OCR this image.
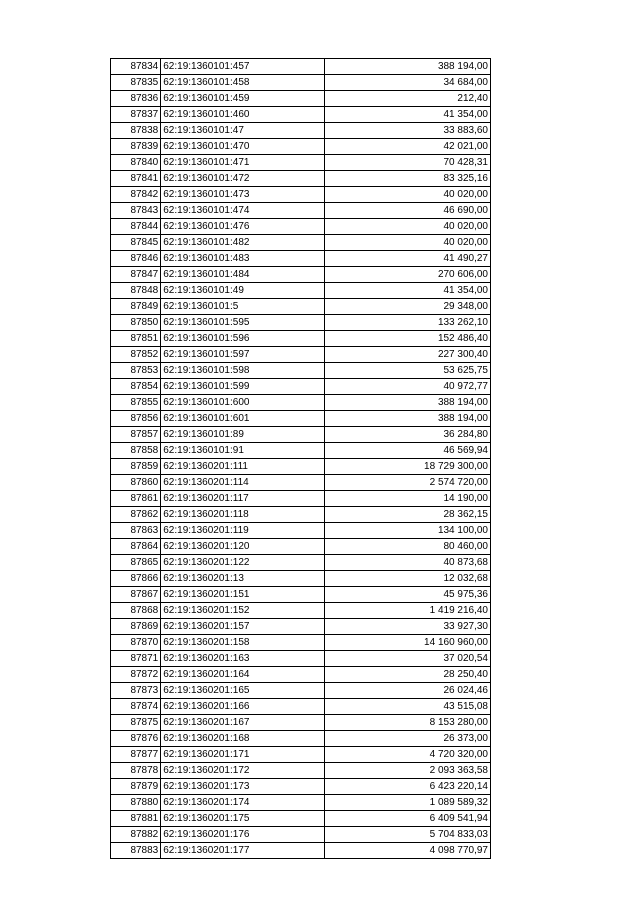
87834	62:19:1360101:457	388 194,00
87835	62:19:1360101:458	34 684,00
87836	62:19:1360101:459	212,40
87837	62:19:1360101:460	41 354,00
87838	62:19:1360101:47	33 883,60
87839	62:19:1360101:470	42 021,00
87840	62:19:1360101:471	70 428,31
87841	62:19:1360101:472	83 325,16
87842	62:19:1360101:473	40 020,00
87843	62:19:1360101:474	46 690,00
87844	62:19:1360101:476	40 020,00
87845	62:19:1360101:482	40 020,00
87846	62:19:1360101:483	41 490,27
87847	62:19:1360101:484	270 606,00
87848	62:19:1360101:49	41 354,00
87849	62:19:1360101:5	29 348,00
87850	62:19:1360101:595	133 262,10
87851	62:19:1360101:596	152 486,40
87852	62:19:1360101:597	227 300,40
87853	62:19:1360101:598	53 625,75
87854	62:19:1360101:599	40 972,77
87855	62:19:1360101:600	388 194,00
87856	62:19:1360101:601	388 194,00
87857	62:19:1360101:89	36 284,80
87858	62:19:1360101:91	46 569,94
87859	62:19:1360201:111	18 729 300,00
87860	62:19:1360201:114	2 574 720,00
87861	62:19:1360201:117	14 190,00
87862	62:19:1360201:118	28 362,15
87863	62:19:1360201:119	134 100,00
87864	62:19:1360201:120	80 460,00
87865	62:19:1360201:122	40 873,68
87866	62:19:1360201:13	12 032,68
87867	62:19:1360201:151	45 975,36
87868	62:19:1360201:152	1 419 216,40
87869	62:19:1360201:157	33 927,30
87870	62:19:1360201:158	14 160 960,00
87871	62:19:1360201:163	37 020,54
87872	62:19:1360201:164	28 250,40
87873	62:19:1360201:165	26 024,46
87874	62:19:1360201:166	43 515,08
87875	62:19:1360201:167	8 153 280,00
87876	62:19:1360201:168	26 373,00
87877	62:19:1360201:171	4 720 320,00
87878	62:19:1360201:172	2 093 363,58
87879	62:19:1360201:173	6 423 220,14
87880	62:19:1360201:174	1 089 589,32
87881	62:19:1360201:175	6 409 541,94
87882	62:19:1360201:176	5 704 833,03
87883	62:19:1360201:177	4 098 770,97
